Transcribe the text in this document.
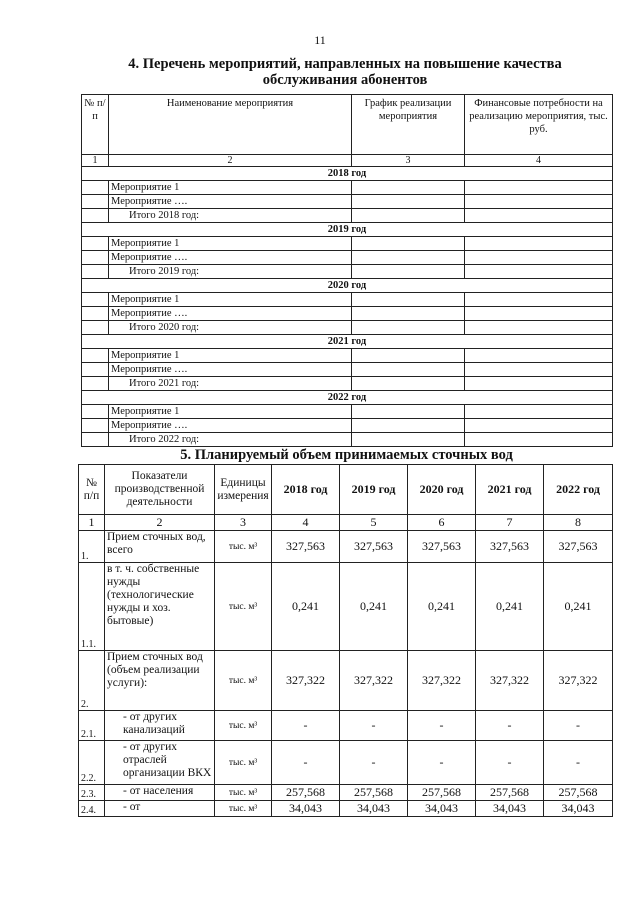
11
4. Перечень мероприятий, направленных на повышение качества обслуживания абонентов
№ п/п	Наименование мероприятия	График реализации мероприятия	Финансовые потребности на реализацию мероприятия, тыс. руб.
1	2	3	4
2018 год			
	Мероприятие 1		
	Мероприятие ….		
	Итого 2018 год:		
2019 год			
	Мероприятие 1		
	Мероприятие ….		
	Итого 2019 год:		
2020 год			
	Мероприятие 1		
	Мероприятие ….		
	Итого 2020 год:		
2021 год			
	Мероприятие 1		
	Мероприятие ….		
	Итого 2021 год:		
2022 год			
	Мероприятие 1		
	Мероприятие ….		
	Итого 2022 год:		
5. Планируемый объем принимаемых сточных вод
№ п/п	Показатели производственной деятельности	Единицы измерения	2018 год	2019 год	2020 год	2021 год	2022 год
1	2	3	4	5	6	7	8
1.	Прием сточных вод, всего	тыс. м³	327,563	327,563	327,563	327,563	327,563
1.1.	в т. ч. собственные нужды (технологические нужды и хоз. бытовые)	тыс. м³	0,241	0,241	0,241	0,241	0,241
2.	Прием сточных вод (объем реализации услуги):	тыс. м³	327,322	327,322	327,322	327,322	327,322
2.1.	- от других канализаций	тыс. м³	-	-	-	-	-
2.2.	- от других отраслей организации ВКХ	тыс. м³	-	-	-	-	-
2.3.	- от населения	тыс. м³	257,568	257,568	257,568	257,568	257,568
2.4.	- от	тыс. м³	34,043	34,043	34,043	34,043	34,043
